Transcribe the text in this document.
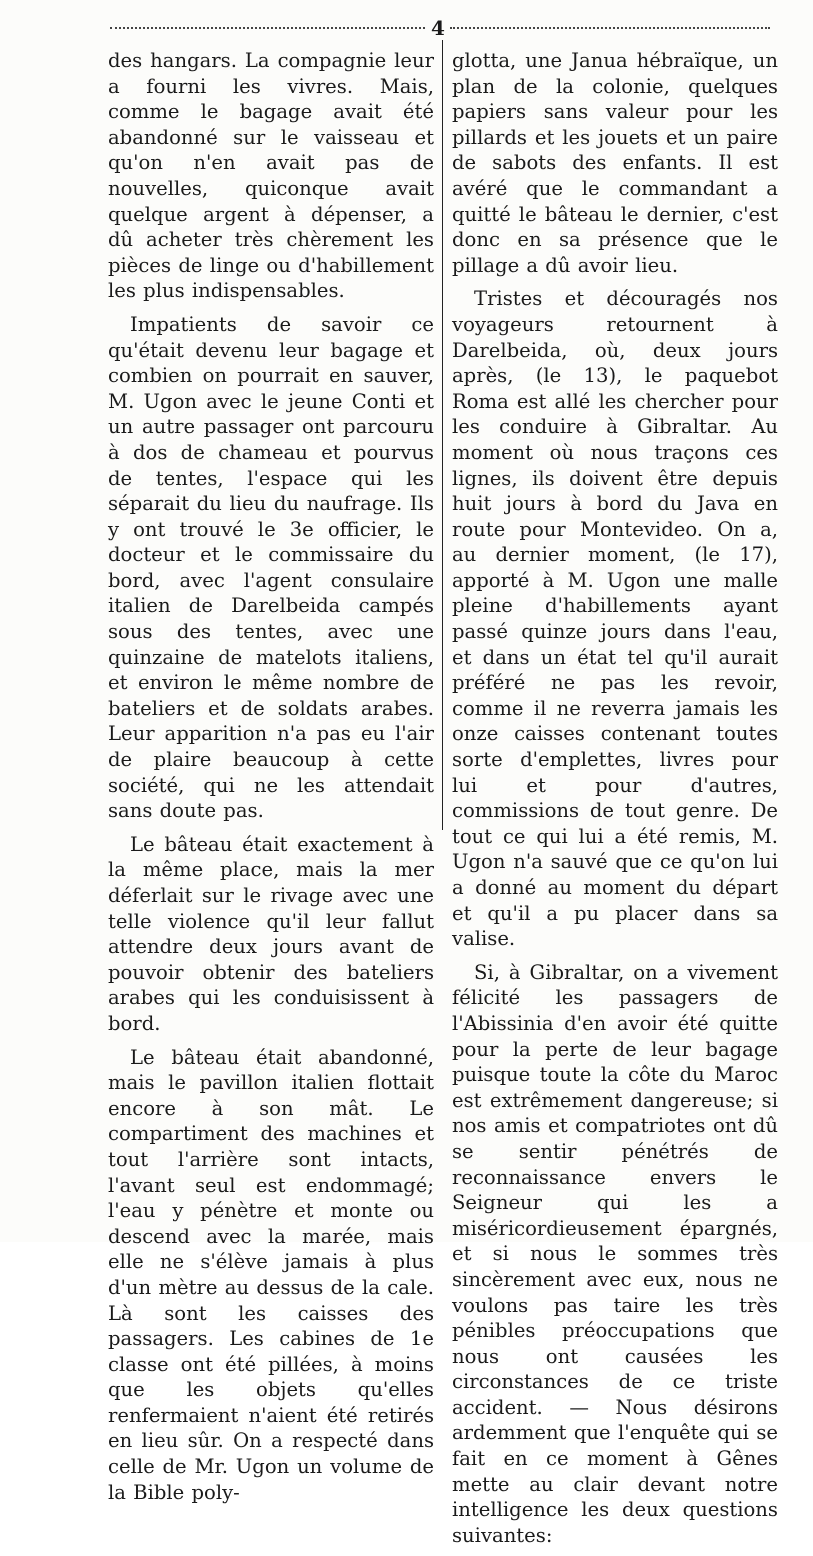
4

des hangars. La compagnie leur a fourni les vivres. Mais, comme le bagage avait été abandonné sur le vaisseau et qu'on n'en avait pas de nouvelles, quiconque avait quelque argent à dépenser, a dû acheter très chèrement les pièces de linge ou d'habillement les plus indispensables.

Impatients de savoir ce qu'était devenu leur bagage et combien on pourrait en sauver, M. Ugon avec le jeune Conti et un autre passager ont parcouru à dos de chameau et pourvus de tentes, l'espace qui les séparait du lieu du naufrage. Ils y ont trouvé le 3e officier, le docteur et le commissaire du bord, avec l'agent consulaire italien de Darelbeida campés sous des tentes, avec une quinzaine de matelots italiens, et environ le même nombre de bateliers et de soldats arabes. Leur apparition n'a pas eu l'air de plaire beaucoup à cette société, qui ne les attendait sans doute pas.

Le bâteau était exactement à la même place, mais la mer déferlait sur le rivage avec une telle violence qu'il leur fallut attendre deux jours avant de pouvoir obtenir des bateliers arabes qui les conduisissent à bord.

Le bâteau était abandonné, mais le pavillon italien flottait encore à son mât. Le compartiment des machines et tout l'arrière sont intacts, l'avant seul est endommagé; l'eau y pénètre et monte ou descend avec la marée, mais elle ne s'élève jamais à plus d'un mètre au dessus de la cale. Là sont les caisses des passagers. Les cabines de 1e classe ont été pillées, à moins que les objets qu'elles renfermaient n'aient été retirés en lieu sûr. On a respecté dans celle de Mr. Ugon un volume de la Bible poly-

glotta, une Janua hébraïque, un plan de la colonie, quelques papiers sans valeur pour les pillards et les jouets et un paire de sabots des enfants. Il est avéré que le commandant a quitté le bâteau le dernier, c'est donc en sa présence que le pillage a dû avoir lieu.

Tristes et découragés nos voyageurs retournent à Darelbeida, où, deux jours après, (le 13), le paquebot Roma est allé les chercher pour les conduire à Gibraltar. Au moment où nous traçons ces lignes, ils doivent être depuis huit jours à bord du Java en route pour Montevideo. On a, au dernier moment, (le 17), apporté à M. Ugon une malle pleine d'habillements ayant passé quinze jours dans l'eau, et dans un état tel qu'il aurait préféré ne pas les revoir, comme il ne reverra jamais les onze caisses contenant toutes sorte d'emplettes, livres pour lui et pour d'autres, commissions de tout genre. De tout ce qui lui a été remis, M. Ugon n'a sauvé que ce qu'on lui a donné au moment du départ et qu'il a pu placer dans sa valise.

Si, à Gibraltar, on a vivement félicité les passagers de l'Abissinia d'en avoir été quitte pour la perte de leur bagage puisque toute la côte du Maroc est extrêmement dangereuse; si nos amis et compatriotes ont dû se sentir pénétrés de reconnaissance envers le Seigneur qui les a miséricordieusement épargnés, et si nous le sommes très sincèrement avec eux, nous ne voulons pas taire les très pénibles préoccupations que nous ont causées les circonstances de ce triste accident. — Nous désirons ardemment que l'enquête qui se fait en ce moment à Gênes mette au clair devant notre intelligence les deux questions suivantes:
